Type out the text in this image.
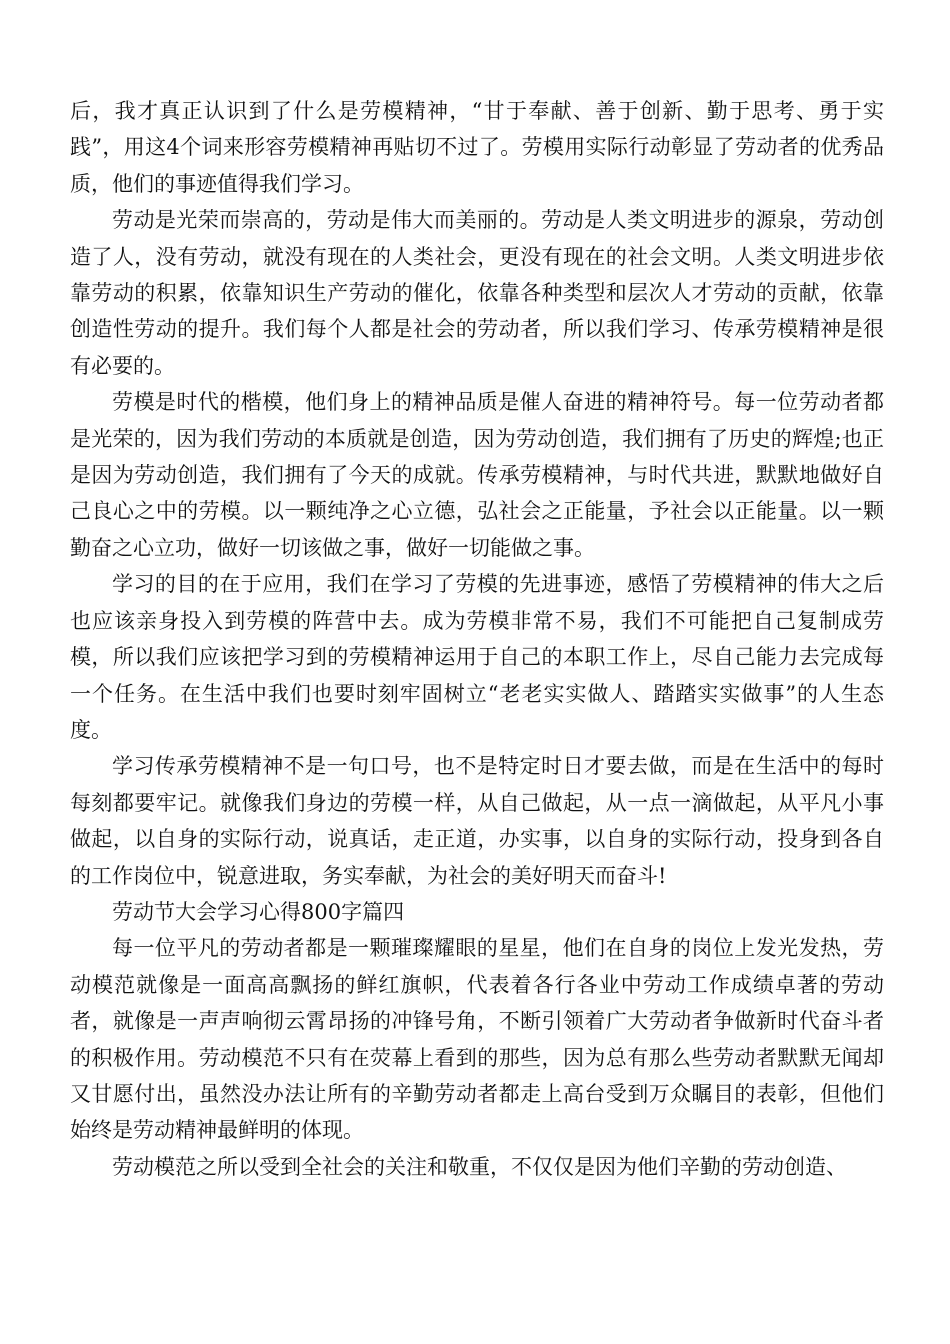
后，我才真正认识到了什么是劳模精神，“甘于奉献、善于创新、勤于思考、勇于实践”，用这4个词来形容劳模精神再贴切不过了。劳模用实际行动彰显了劳动者的优秀品质，他们的事迹值得我们学习。

劳动是光荣而崇高的，劳动是伟大而美丽的。劳动是人类文明进步的源泉，劳动创造了人，没有劳动，就没有现在的人类社会，更没有现在的社会文明。人类文明进步依靠劳动的积累，依靠知识生产劳动的催化，依靠各种类型和层次人才劳动的贡献，依靠创造性劳动的提升。我们每个人都是社会的劳动者，所以我们学习、传承劳模精神是很有必要的。

劳模是时代的楷模，他们身上的精神品质是催人奋进的精神符号。每一位劳动者都是光荣的，因为我们劳动的本质就是创造，因为劳动创造，我们拥有了历史的辉煌;也正是因为劳动创造，我们拥有了今天的成就。传承劳模精神，与时代共进，默默地做好自己良心之中的劳模。以一颗纯净之心立德，弘社会之正能量，予社会以正能量。以一颗勤奋之心立功，做好一切该做之事，做好一切能做之事。

学习的目的在于应用，我们在学习了劳模的先进事迹，感悟了劳模精神的伟大之后也应该亲身投入到劳模的阵营中去。成为劳模非常不易，我们不可能把自己复制成劳模，所以我们应该把学习到的劳模精神运用于自己的本职工作上，尽自己能力去完成每一个任务。在生活中我们也要时刻牢固树立“老老实实做人、踏踏实实做事”的人生态度。

学习传承劳模精神不是一句口号，也不是特定时日才要去做，而是在生活中的每时每刻都要牢记。就像我们身边的劳模一样，从自己做起，从一点一滴做起，从平凡小事做起，以自身的实际行动，说真话，走正道，办实事，以自身的实际行动，投身到各自的工作岗位中，锐意进取，务实奉献，为社会的美好明天而奋斗!

劳动节大会学习心得800字篇四

每一位平凡的劳动者都是一颗璀璨耀眼的星星，他们在自身的岗位上发光发热，劳动模范就像是一面高高飘扬的鲜红旗帜，代表着各行各业中劳动工作成绩卓著的劳动者，就像是一声声响彻云霄昂扬的冲锋号角，不断引领着广大劳动者争做新时代奋斗者的积极作用。劳动模范不只有在荧幕上看到的那些，因为总有那么些劳动者默默无闻却又甘愿付出，虽然没办法让所有的辛勤劳动者都走上高台受到万众瞩目的表彰，但他们始终是劳动精神最鲜明的体现。

劳动模范之所以受到全社会的关注和敬重，不仅仅是因为他们辛勤的劳动创造、
